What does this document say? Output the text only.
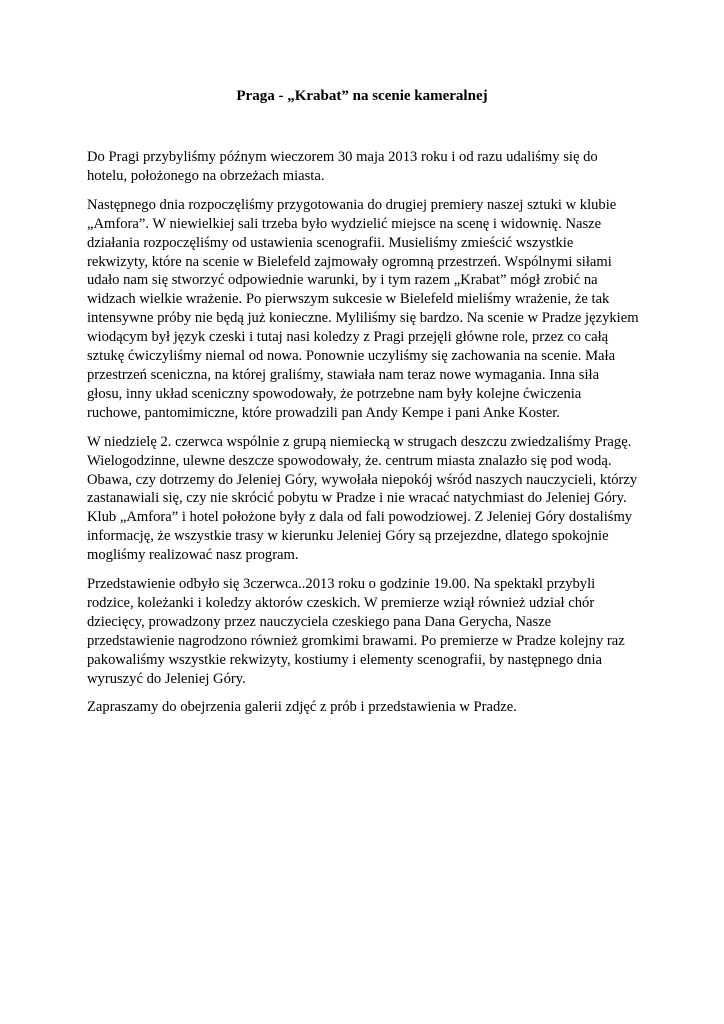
Praga - „Krabat” na scenie kameralnej

Do Pragi przybyliśmy późnym wieczorem 30 maja 2013 roku i od razu udaliśmy się do
hotelu, położonego na obrzeżach miasta.

Następnego dnia rozpoczęliśmy przygotowania do drugiej premiery naszej sztuki w klubie
„Amfora”. W niewielkiej sali trzeba było wydzielić miejsce na scenę i widownię. Nasze
działania rozpoczęliśmy od ustawienia scenografii. Musieliśmy zmieścić wszystkie
rekwizyty, które na scenie w Bielefeld zajmowały ogromną przestrzeń. Wspólnymi siłami
udało nam się stworzyć odpowiednie warunki, by i tym razem „Krabat” mógł zrobić na
widzach wielkie wrażenie. Po pierwszym sukcesie w Bielefeld mieliśmy wrażenie, że tak
intensywne próby nie będą już konieczne. Myliliśmy się bardzo. Na scenie w Pradze językiem
wiodącym był język czeski i tutaj nasi koledzy z Pragi przejęli główne role, przez co całą
sztukę ćwiczyliśmy niemal od nowa. Ponownie uczyliśmy się zachowania na scenie. Mała
przestrzeń sceniczna, na której graliśmy, stawiała nam teraz nowe wymagania. Inna siła
głosu, inny układ sceniczny spowodowały, że potrzebne nam były kolejne ćwiczenia
ruchowe, pantomimiczne, które prowadzili pan Andy Kempe i pani Anke Koster.

W niedzielę 2. czerwca wspólnie z grupą niemiecką w strugach deszczu zwiedzaliśmy Pragę.
Wielogodzinne, ulewne deszcze spowodowały, że. centrum miasta znalazło się pod wodą.
Obawa, czy dotrzemy do Jeleniej Góry, wywołała niepokój wśród naszych nauczycieli, którzy
zastanawiali się, czy nie skrócić pobytu w Pradze i nie wracać natychmiast do Jeleniej Góry.
Klub „Amfora” i hotel położone były z dala od fali powodziowej. Z Jeleniej Góry dostaliśmy
informację, że wszystkie trasy w kierunku Jeleniej Góry są przejezdne, dlatego spokojnie
mogliśmy realizować nasz program.

Przedstawienie odbyło się 3czerwca..2013 roku o godzinie 19.00. Na spektakl przybyli
rodzice, koleżanki i koledzy aktorów czeskich. W premierze wziął również udział chór
dziecięcy, prowadzony przez nauczyciela czeskiego pana Dana Gerycha, Nasze
przedstawienie nagrodzono również gromkimi brawami. Po premierze w Pradze kolejny raz
pakowaliśmy wszystkie rekwizyty, kostiumy i elementy scenografii, by następnego dnia
wyruszyć do Jeleniej Góry.

Zapraszamy do obejrzenia galerii zdjęć z prób i przedstawienia w Pradze.
